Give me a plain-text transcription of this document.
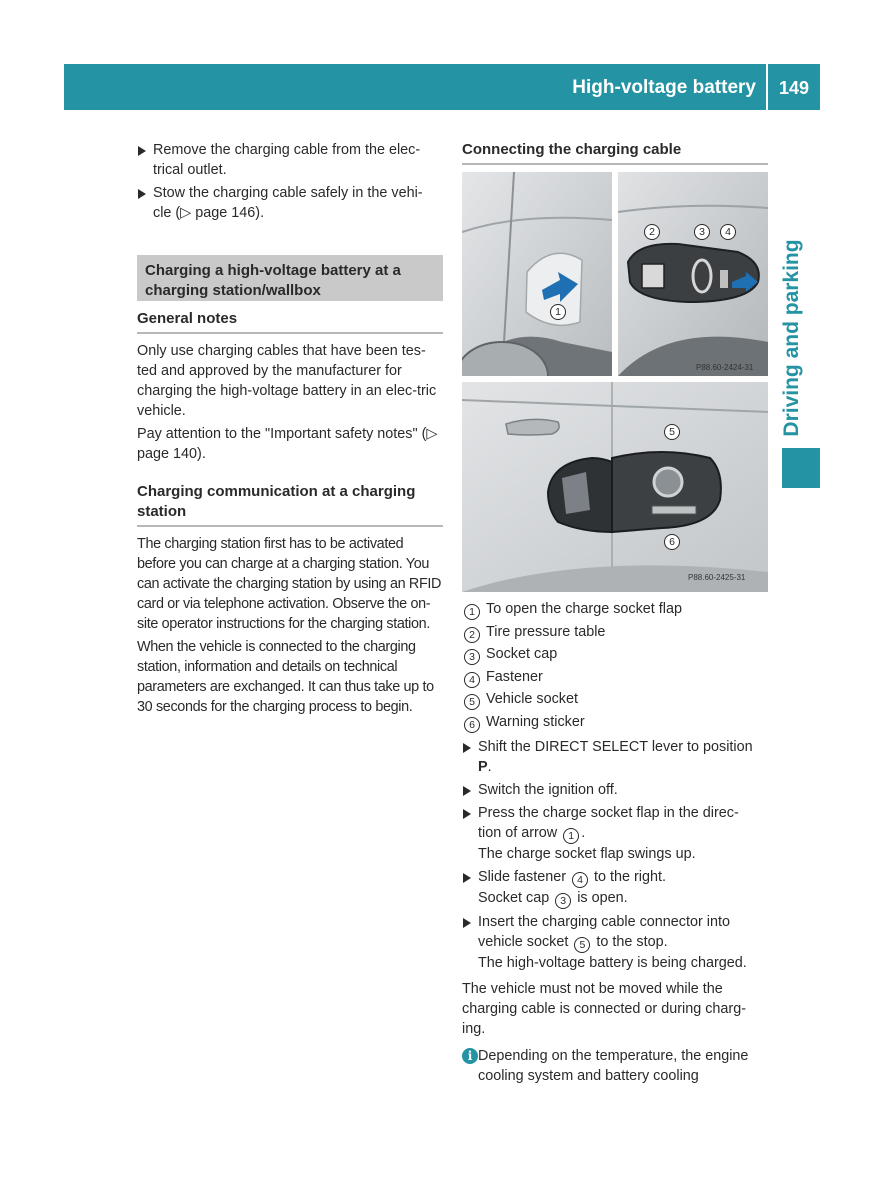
High-voltage battery	149
Driving and parking
Remove the charging cable from the elec-
trical outlet.
Stow the charging cable safely in the vehi-
cle (▷ page 146).
Charging a high-voltage battery at a charging station/wallbox
General notes
Only use charging cables that have been tes-ted and approved by the manufacturer for charging the high-voltage battery in an elec-tric vehicle.
Pay attention to the "Important safety notes" (▷ page 140).
Charging communication at a charging station
The charging station first has to be activated before you can charge at a charging station. You can activate the charging station by using an RFID card or via telephone activation. Observe the on-site operator instructions for the charging station.
When the vehicle is connected to the charging station, information and details on technical parameters are exchanged. It can thus take up to 30 seconds for the charging process to begin.
Connecting the charging cable
1
P88.60-2424-31
2	3	4
P88.60-2425-31
5
6
1 To open the charge socket flap
2 Tire pressure table
3 Socket cap
4 Fastener
5 Vehicle socket
6 Warning sticker
Shift the DIRECT SELECT lever to position
P.
Switch the ignition off.
Press the charge socket flap in the direc-
tion of arrow 1 .
The charge socket flap swings up.
Slide fastener 4 to the right.
Socket cap 3 is open.
Insert the charging cable connector into
vehicle socket 5 to the stop.
The high-voltage battery is being charged.
The vehicle must not be moved while the charging cable is connected or during charg-ing.
i Depending on the temperature, the engine cooling system and battery cooling
